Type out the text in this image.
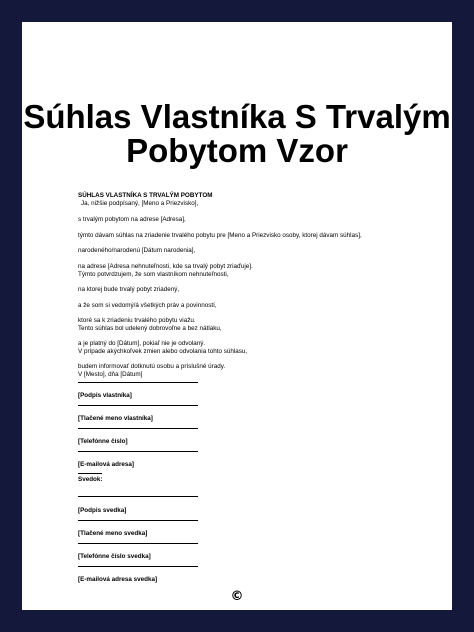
Súhlas Vlastníka S Trvalým
Pobytom Vzor
SÚHLAS VLASTNÍKA S TRVALÝM POBYTOM
Ja, nižšie podpísaný, [Meno a Priezvisko],
s trvalým pobytom na adrese [Adresa],
týmto dávam súhlas na zriadenie trvalého pobytu pre [Meno a Priezvisko osoby, ktorej dávam súhlas],
narodeného/narodenú [Dátum narodenia],
na adrese [Adresa nehnuteľnosti, kde sa trvalý pobyt zriaďuje].
Týmto potvrdzujem, že som vlastníkom nehnuteľnosti,
na ktorej bude trvalý pobyt zriadený,
a že som si vedomý/á všetkých práv a povinností,
ktoré sa k zriadeniu trvalého pobytu viažu.
Tento súhlas bol udelený dobrovoľne a bez nátlaku,
a je platný do [Dátum], pokiaľ nie je odvolaný.
V prípade akýchkoľvek zmien alebo odvolania tohto súhlasu,
budem informovať dotknutú osobu a príslušné úrady.
V [Mesto], dňa [Dátum]
[Podpis vlastníka]
[Tlačené meno vlastníka]
[Telefónne číslo]
[E-mailová adresa]
Svedok:
[Podpis svedka]
[Tlačené meno svedka]
[Telefónne číslo svedka]
[E-mailová adresa svedka]
©
